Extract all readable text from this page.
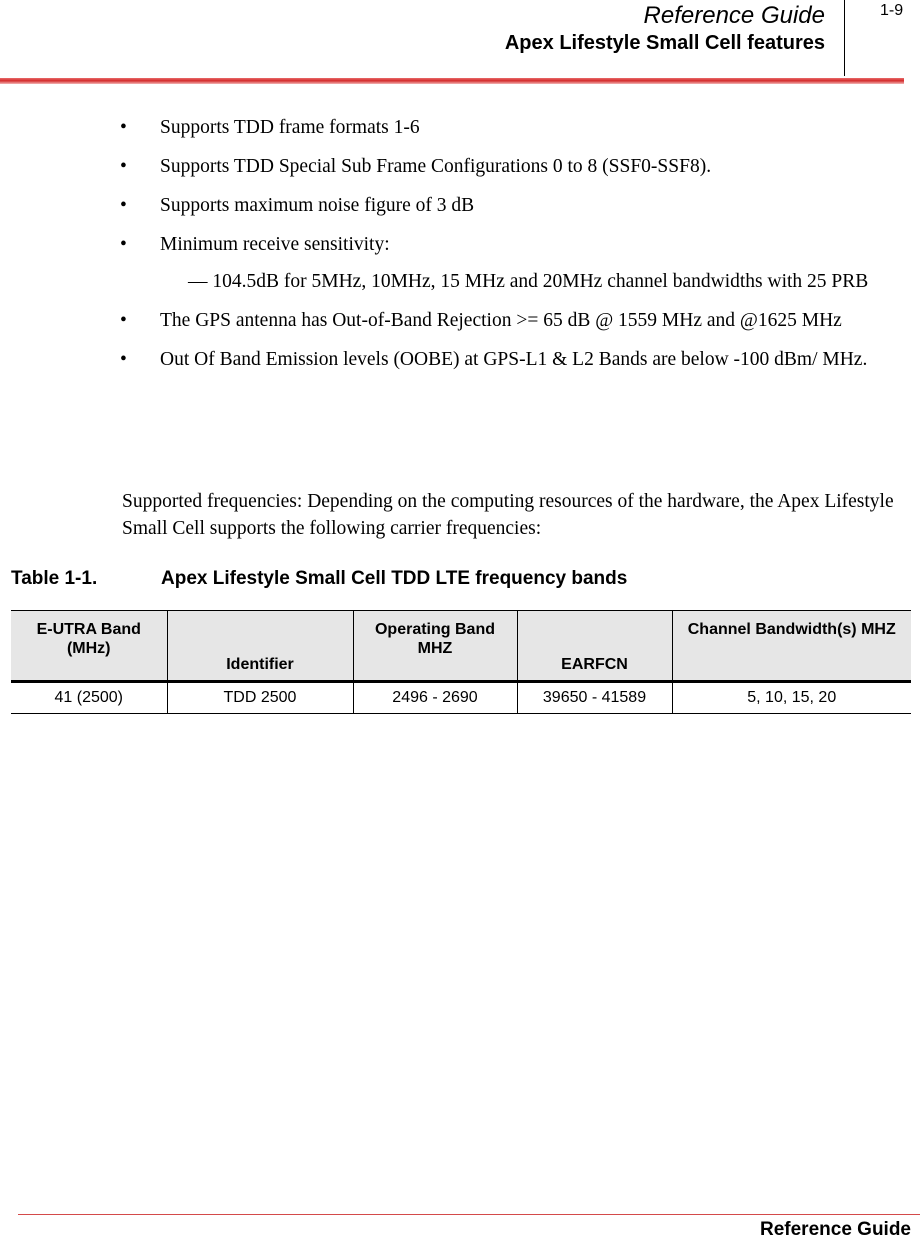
Reference Guide
Apex Lifestyle Small Cell features
1-9
• Supports TDD frame formats 1-6
• Supports TDD Special Sub Frame Configurations 0 to 8 (SSF0-SSF8).
• Supports maximum noise figure of 3 dB
• Minimum receive sensitivity:
— 104.5dB for 5MHz, 10MHz, 15 MHz and 20MHz channel bandwidths with 25 PRB
• The GPS antenna has Out-of-Band Rejection >= 65 dB @ 1559 MHz and @1625 MHz
• Out Of Band Emission levels (OOBE) at GPS-L1 & L2 Bands are below -100 dBm/ MHz.

Supported frequencies: Depending on the computing resources of the hardware, the Apex Lifestyle Small Cell supports the following carrier frequencies:

Table 1-1.	Apex Lifestyle Small Cell TDD LTE frequency bands
E-UTRA Band (MHz)	Identifier	Operating Band MHZ	EARFCN	Channel Bandwidth(s) MHZ
41 (2500)	TDD 2500	2496 - 2690	39650 - 41589	5, 10, 15, 20
Reference Guide
